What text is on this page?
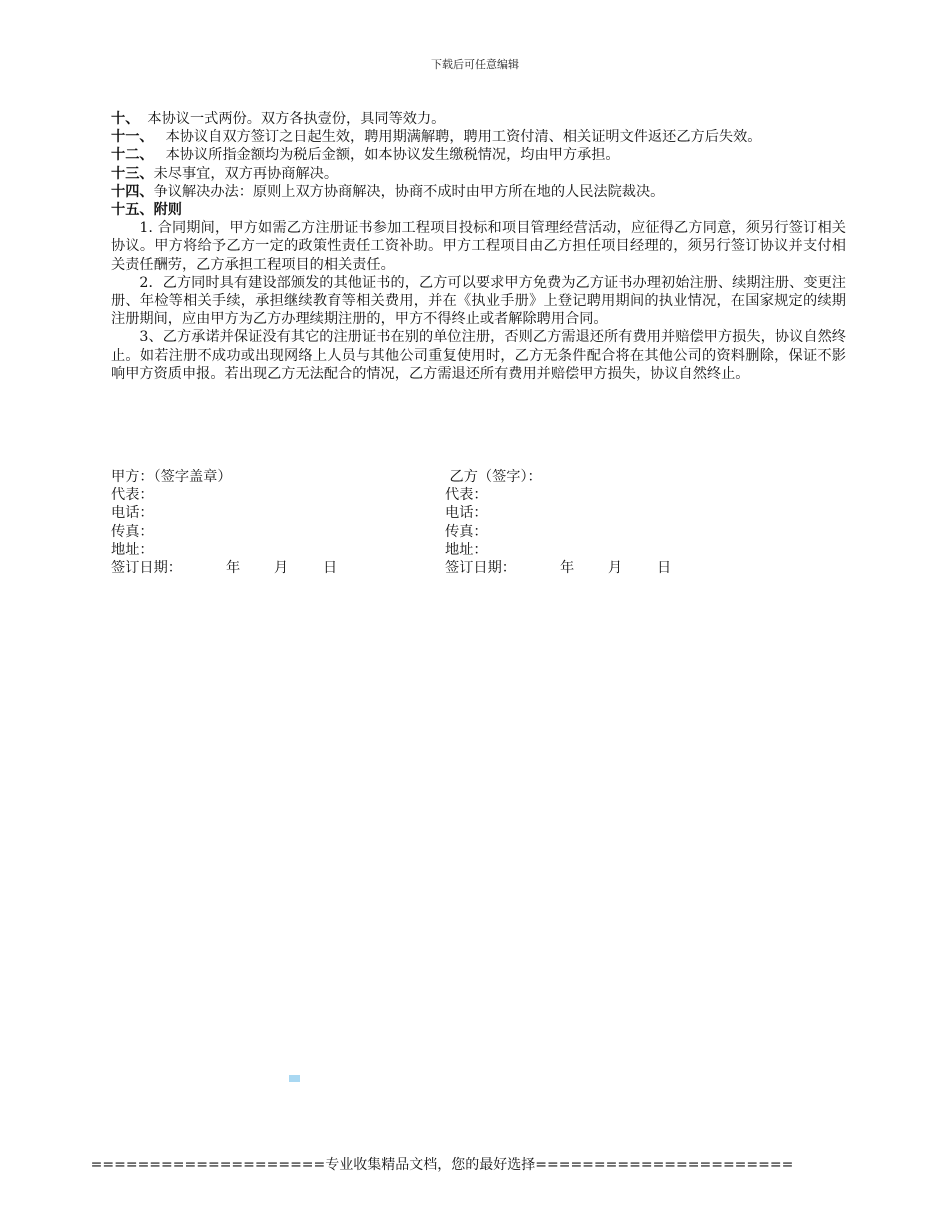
下载后可任意编辑
十、 本协议一式两份。双方各执壹份，具同等效力。
十一、 本协议自双方签订之日起生效，聘用期满解聘，聘用工资付清、相关证明文件返还乙方后失效。
十二、 本协议所指金额均为税后金额，如本协议发生缴税情况，均由甲方承担。
十三、未尽事宜，双方再协商解决。
十四、争议解决办法：原则上双方协商解决，协商不成时由甲方所在地的人民法院裁决。
十五、附则

1. 合同期间，甲方如需乙方注册证书参加工程项目投标和项目管理经营活动，应征得乙方同意，须另行签订相关协议。甲方将给予乙方一定的政策性责任工资补助。甲方工程项目由乙方担任项目经理的，须另行签订协议并支付相关责任酬劳，乙方承担工程项目的相关责任。

2．乙方同时具有建设部颁发的其他证书的，乙方可以要求甲方免费为乙方证书办理初始注册、续期注册、变更注册、年检等相关手续，承担继续教育等相关费用，并在《执业手册》上登记聘用期间的执业情况，在国家规定的续期注册期间，应由甲方为乙方办理续期注册的，甲方不得终止或者解除聘用合同。

3、乙方承诺并保证没有其它的注册证书在别的单位注册，否则乙方需退还所有费用并赔偿甲方损失，协议自然终止。如若注册不成功或出现网络上人员与其他公司重复使用时，乙方无条件配合将在其他公司的资料删除，保证不影响甲方资质申报。若出现乙方无法配合的情况，乙方需退还所有费用并赔偿甲方损失，协议自然终止。

甲方：（签字盖章）
代表：
电话：
传真：
地址：
签订日期：	年 月 日
乙方（签字）：
代表：
电话：
传真：
地址：
签订日期：	年 月 日
====================专业收集精品文档，您的最好选择======================
